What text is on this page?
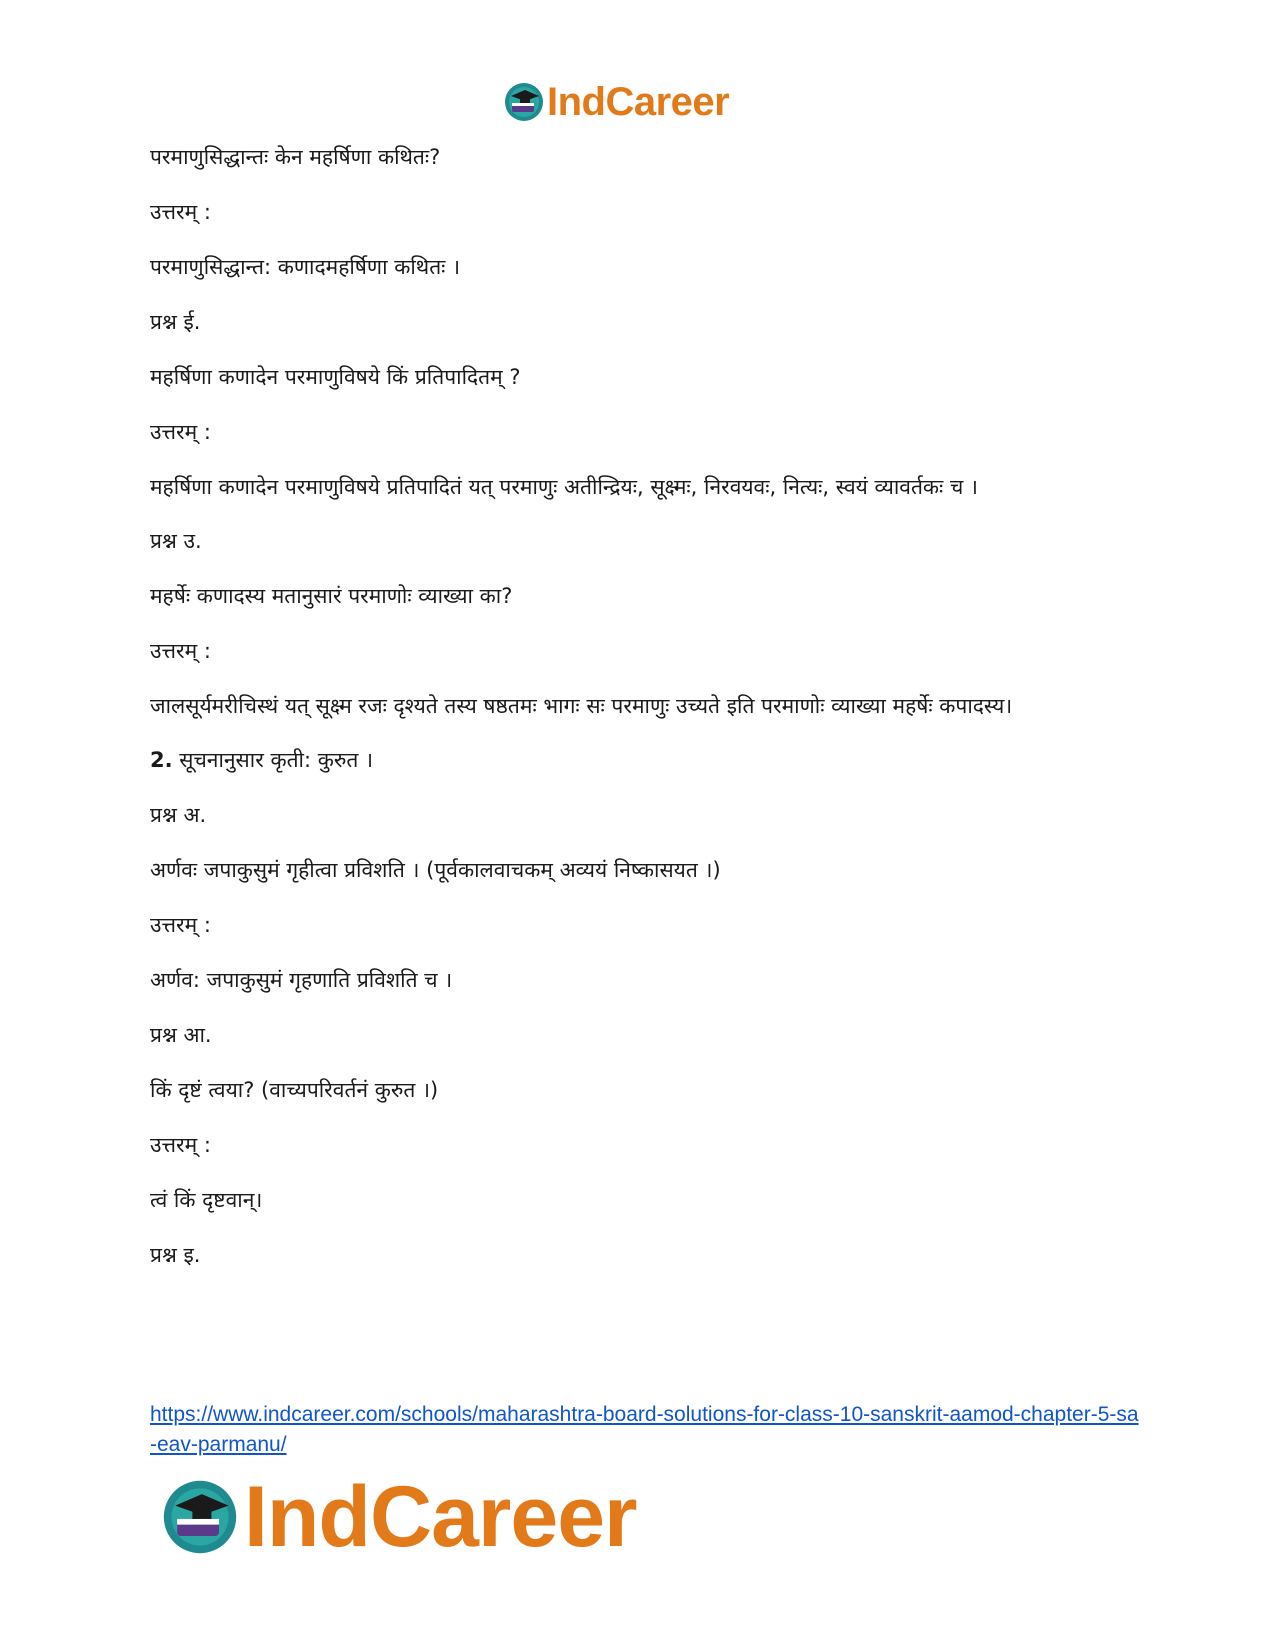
IndCareer

परमाणुसिद्धान्तः केन महर्षिणा कथितः?

उत्तरम् :

परमाणुसिद्धान्त: कणादमहर्षिणा कथितः ।

प्रश्न ई.

महर्षिणा कणादेन परमाणुविषये किं प्रतिपादितम् ?

उत्तरम् :

महर्षिणा कणादेन परमाणुविषये प्रतिपादितं यत् परमाणुः अतीन्द्रियः, सूक्ष्मः, निरवयवः, नित्यः, स्वयं व्यावर्तकः च ।

प्रश्न उ.

महर्षेः कणादस्य मतानुसारं परमाणोः व्याख्या का?

उत्तरम् :

जालसूर्यमरीचिस्थं यत् सूक्ष्म रजः दृश्यते तस्य षष्ठतमः भागः सः परमाणुः उच्यते इति परमाणोः व्याख्या महर्षेः कपादस्य।

2. सूचनानुसार कृती: कुरुत ।

प्रश्न अ.

अर्णवः जपाकुसुमं गृहीत्वा प्रविशति । (पूर्वकालवाचकम् अव्ययं निष्कासयत ।)

उत्तरम् :

अर्णव: जपाकुसुमं गृहणाति प्रविशति च ।

प्रश्न आ.

किं दृष्टं त्वया? (वाच्यपरिवर्तनं कुरुत ।)

उत्तरम् :

त्वं किं दृष्टवान्।

प्रश्न इ.

https://www.indcareer.com/schools/maharashtra-board-solutions-for-class-10-sanskrit-aamod-chapter-5-sa-eav-parmanu/
IndCareer
